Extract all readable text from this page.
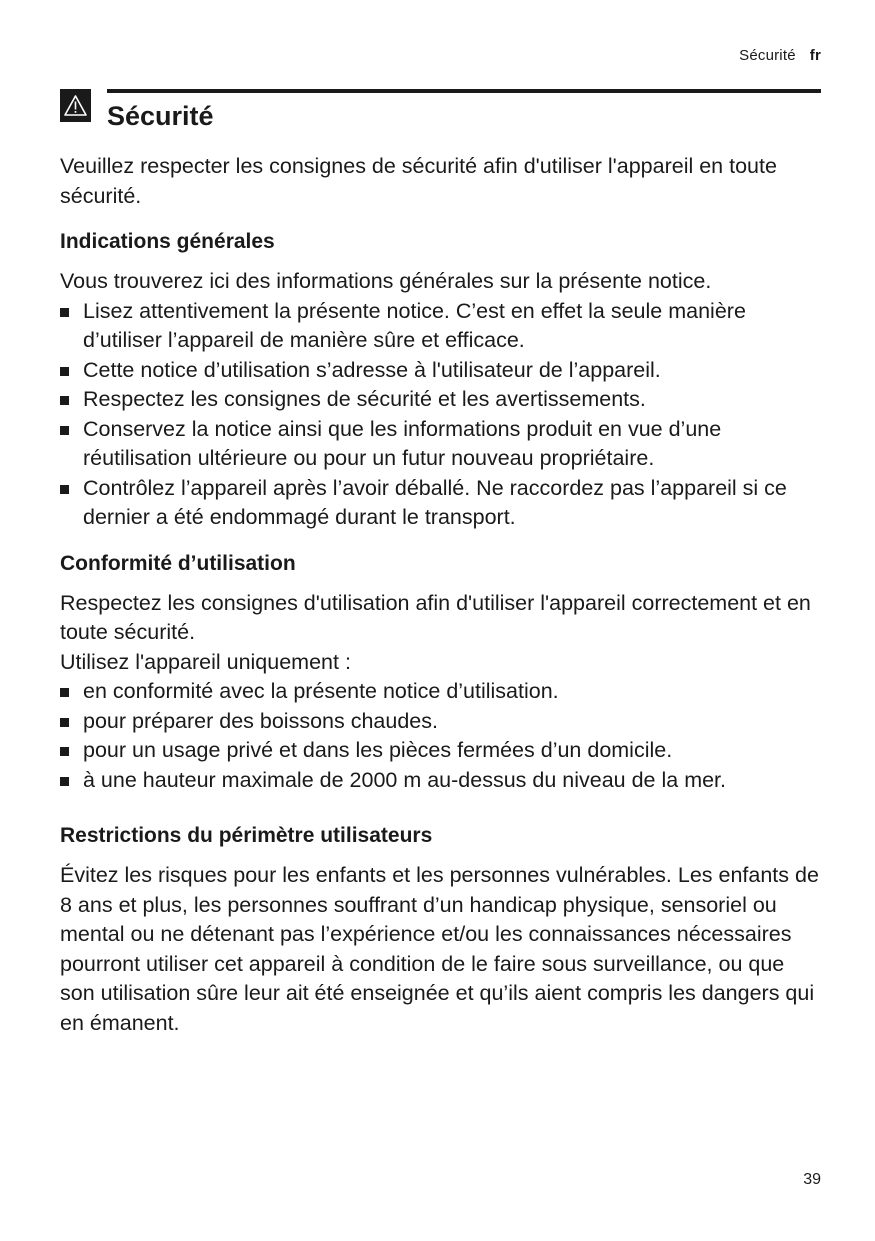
Sécurité fr
Sécurité

Veuillez respecter les consignes de sécurité afin d'utiliser l'appareil en toute sécurité.

Indications générales

Vous trouverez ici des informations générales sur la présente notice.

Lisez attentivement la présente notice. C’est en effet la seule manière d’utiliser l’appareil de manière sûre et efficace.
Cette notice d’utilisation s’adresse à l'utilisateur de l’appareil.
Respectez les consignes de sécurité et les avertissements.
Conservez la notice ainsi que les informations produit en vue d’une réutilisation ultérieure ou pour un futur nouveau propriétaire.
Contrôlez l’appareil après l’avoir déballé. Ne raccordez pas l’appareil si ce dernier a été endommagé durant le transport.
Conformité d’utilisation

Respectez les consignes d'utilisation afin d'utiliser l'appareil correctement et en toute sécurité.

Utilisez l'appareil uniquement :

en conformité avec la présente notice d’utilisation.
pour préparer des boissons chaudes.
pour un usage privé et dans les pièces fermées d’un domicile.
à une hauteur maximale de 2000 m au-dessus du niveau de la mer.
Restrictions du périmètre utilisateurs

Évitez les risques pour les enfants et les personnes vulnérables. Les enfants de 8 ans et plus, les personnes souffrant d’un handicap physique, sensoriel ou mental ou ne détenant pas l’expérience et/ou les connaissances nécessaires pourront utiliser cet appareil à condition de le faire sous surveillance, ou que son utilisation sûre leur ait été enseignée et qu’ils aient compris les dangers qui en émanent.

39
